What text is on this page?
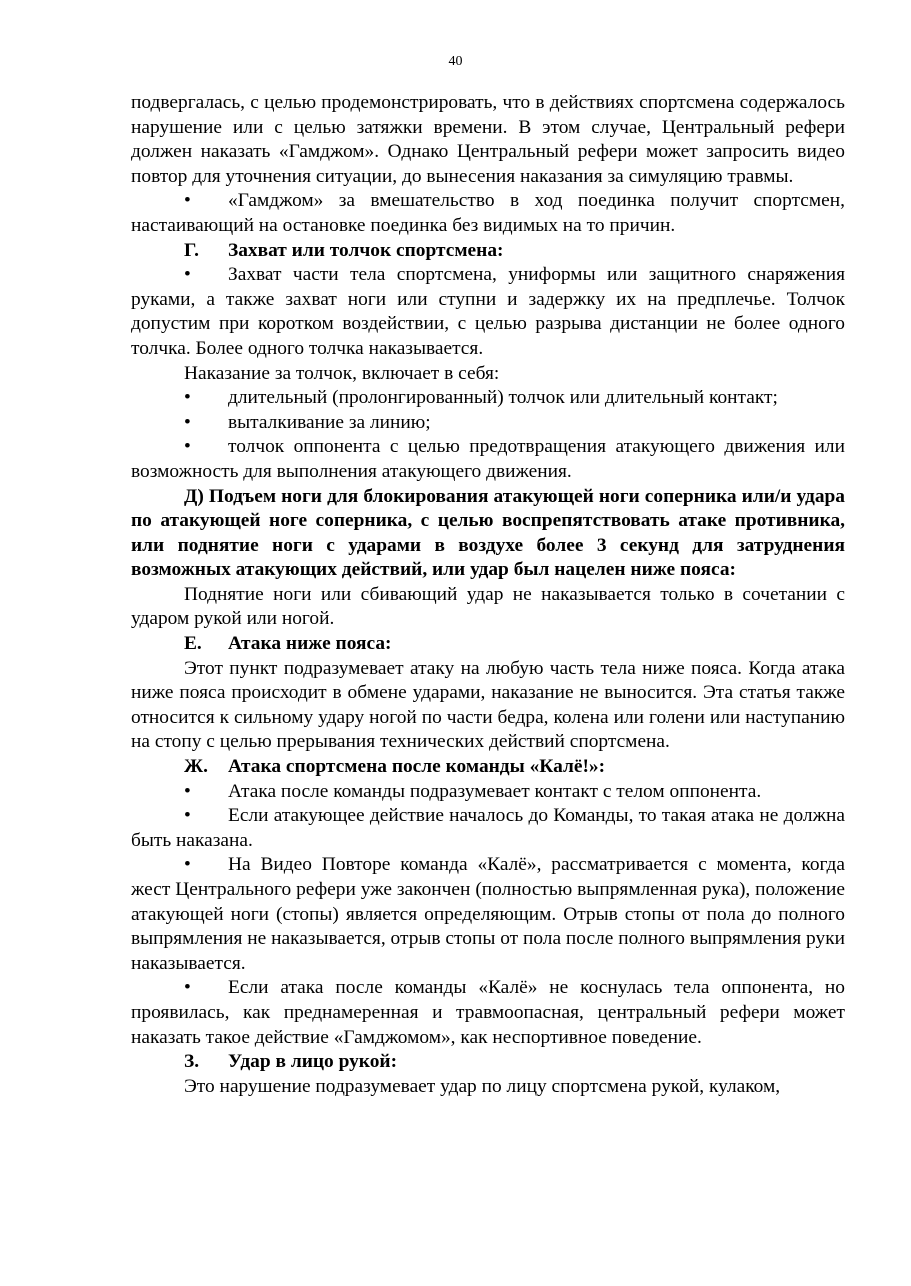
40

подвергалась, с целью продемонстрировать, что в действиях спортсмена содержалось нарушение или с целью затяжки времени. В этом случае, Центральный рефери должен наказать «Гамджом». Однако Центральный рефери может запросить видео повтор для уточнения ситуации, до вынесения наказания за симуляцию травмы.

• «Гамджом» за вмешательство в ход поединка получит спортсмен, настаивающий на остановке поединка без видимых на то причин.

Г. Захват или толчок спортсмена:

• Захват части тела спортсмена, униформы или защитного снаряжения руками, а также захват ноги или ступни и задержку их на предплечье. Толчок допустим при коротком воздействии, с целью разрыва дистанции не более одного толчка. Более одного толчка наказывается.

Наказание за толчок, включает в себя:

• длительный (пролонгированный) толчок или длительный контакт;

• выталкивание за линию;

• толчок оппонента с целью предотвращения атакующего движения или возможность для выполнения атакующего движения.

Д) Подъем ноги для блокирования атакующей ноги соперника или/и удара по атакующей ноге соперника, с целью воспрепятствовать атаке противника, или поднятие ноги с ударами в воздухе более 3 секунд для затруднения возможных атакующих действий, или удар был нацелен ниже пояса:

Поднятие ноги или сбивающий удар не наказывается только в сочетании с ударом рукой или ногой.

Е. Атака ниже пояса:

Этот пункт подразумевает атаку на любую часть тела ниже пояса. Когда атака ниже пояса происходит в обмене ударами, наказание не выносится. Эта статья также относится к сильному удару ногой по части бедра, колена или голени или наступанию на стопу с целью прерывания технических действий спортсмена.

Ж. Атака спортсмена после команды «Калё!»:

• Атака после команды подразумевает контакт с телом оппонента.

• Если атакующее действие началось до Команды, то такая атака не должна быть наказана.

• На Видео Повторе команда «Калё», рассматривается с момента, когда жест Центрального рефери уже закончен (полностью выпрямленная рука), положение атакующей ноги (стопы) является определяющим. Отрыв стопы от пола до полного выпрямления не наказывается, отрыв стопы от пола после полного выпрямления руки наказывается.

• Если атака после команды «Калё» не коснулась тела оппонента, но проявилась, как преднамеренная и травмоопасная, центральный рефери может наказать такое действие «Гамджомом», как неспортивное поведение.

З. Удар в лицо рукой:

Это нарушение подразумевает удар по лицу спортсмена рукой, кулаком,
